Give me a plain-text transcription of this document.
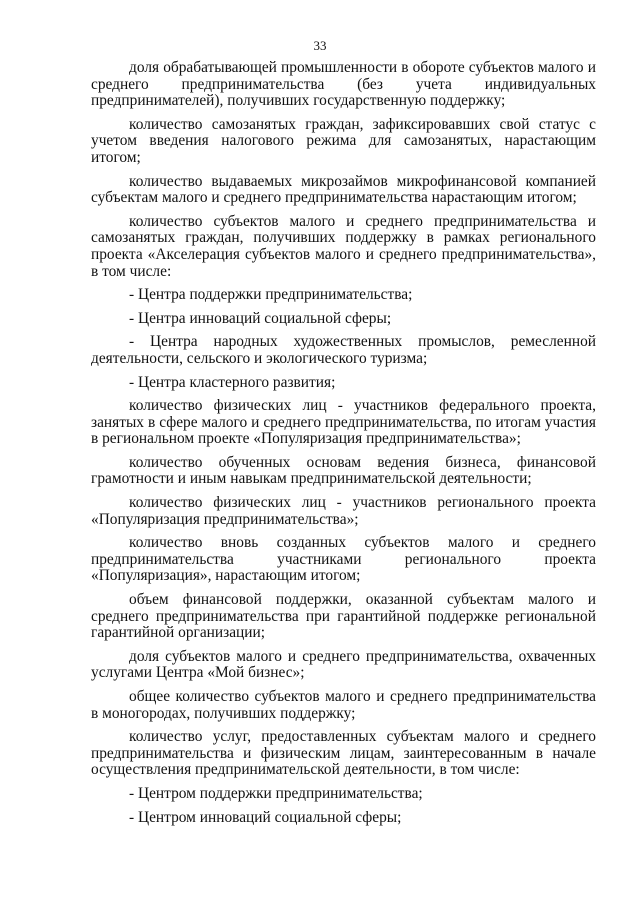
33

доля обрабатывающей промышленности в обороте субъектов малого и среднего предпринимательства (без учета индивидуальных предпринимателей), получивших государственную поддержку;

количество самозанятых граждан, зафиксировавших свой статус с учетом введения налогового режима для самозанятых, нарастающим итогом;

количество выдаваемых микрозаймов микрофинансовой компанией субъектам малого и среднего предпринимательства нарастающим итогом;

количество субъектов малого и среднего предпринимательства и самозанятых граждан, получивших поддержку в рамках регионального проекта «Акселерация субъектов малого и среднего предпринимательства», в том числе:

- Центра поддержки предпринимательства;

- Центра инноваций социальной сферы;

- Центра народных художественных промыслов, ремесленной деятельности, сельского и экологического туризма;

- Центра кластерного развития;

количество физических лиц - участников федерального проекта, занятых в сфере малого и среднего предпринимательства, по итогам участия в региональном проекте «Популяризация предпринимательства»;

количество обученных основам ведения бизнеса, финансовой грамотности и иным навыкам предпринимательской деятельности;

количество физических лиц - участников регионального проекта «Популяризация предпринимательства»;

количество вновь созданных субъектов малого и среднего предпринимательства участниками регионального проекта «Популяризация», нарастающим итогом;

объем финансовой поддержки, оказанной субъектам малого и среднего предпринимательства при гарантийной поддержке региональной гарантийной организации;

доля субъектов малого и среднего предпринимательства, охваченных услугами Центра «Мой бизнес»;

общее количество субъектов малого и среднего предпринимательства в моногородах, получивших поддержку;

количество услуг, предоставленных субъектам малого и среднего предпринимательства и физическим лицам, заинтересованным в начале осуществления предпринимательской деятельности, в том числе:

- Центром поддержки предпринимательства;

- Центром инноваций социальной сферы;
